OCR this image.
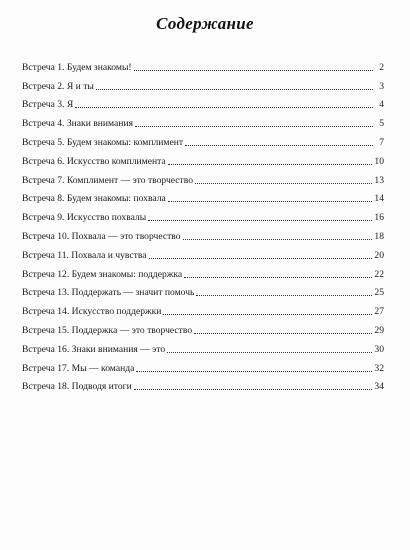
Содержание
Встреча 1. Будем знакомы!	2
Встреча 2. Я и ты	3
Встреча 3. Я	4
Встреча 4. Знаки внимания	5
Встреча 5. Будем знакомы: комплимент	7
Встреча 6. Искусство комплимента	10
Встреча 7. Комплимент — это творчество	13
Встреча 8. Будем знакомы: похвала	14
Встреча 9. Искусство похвалы	16
Встреча 10. Похвала — это творчество	18
Встреча 11. Похвала и чувства	20
Встреча 12. Будем знакомы: поддержка	22
Встреча 13. Поддержать — значит помочь	25
Встреча 14. Искусство поддержки	27
Встреча 15. Поддержка — это творчество	29
Встреча 16. Знаки внимания — это	30
Встреча 17. Мы — команда	32
Встреча 18. Подводя итоги	34
